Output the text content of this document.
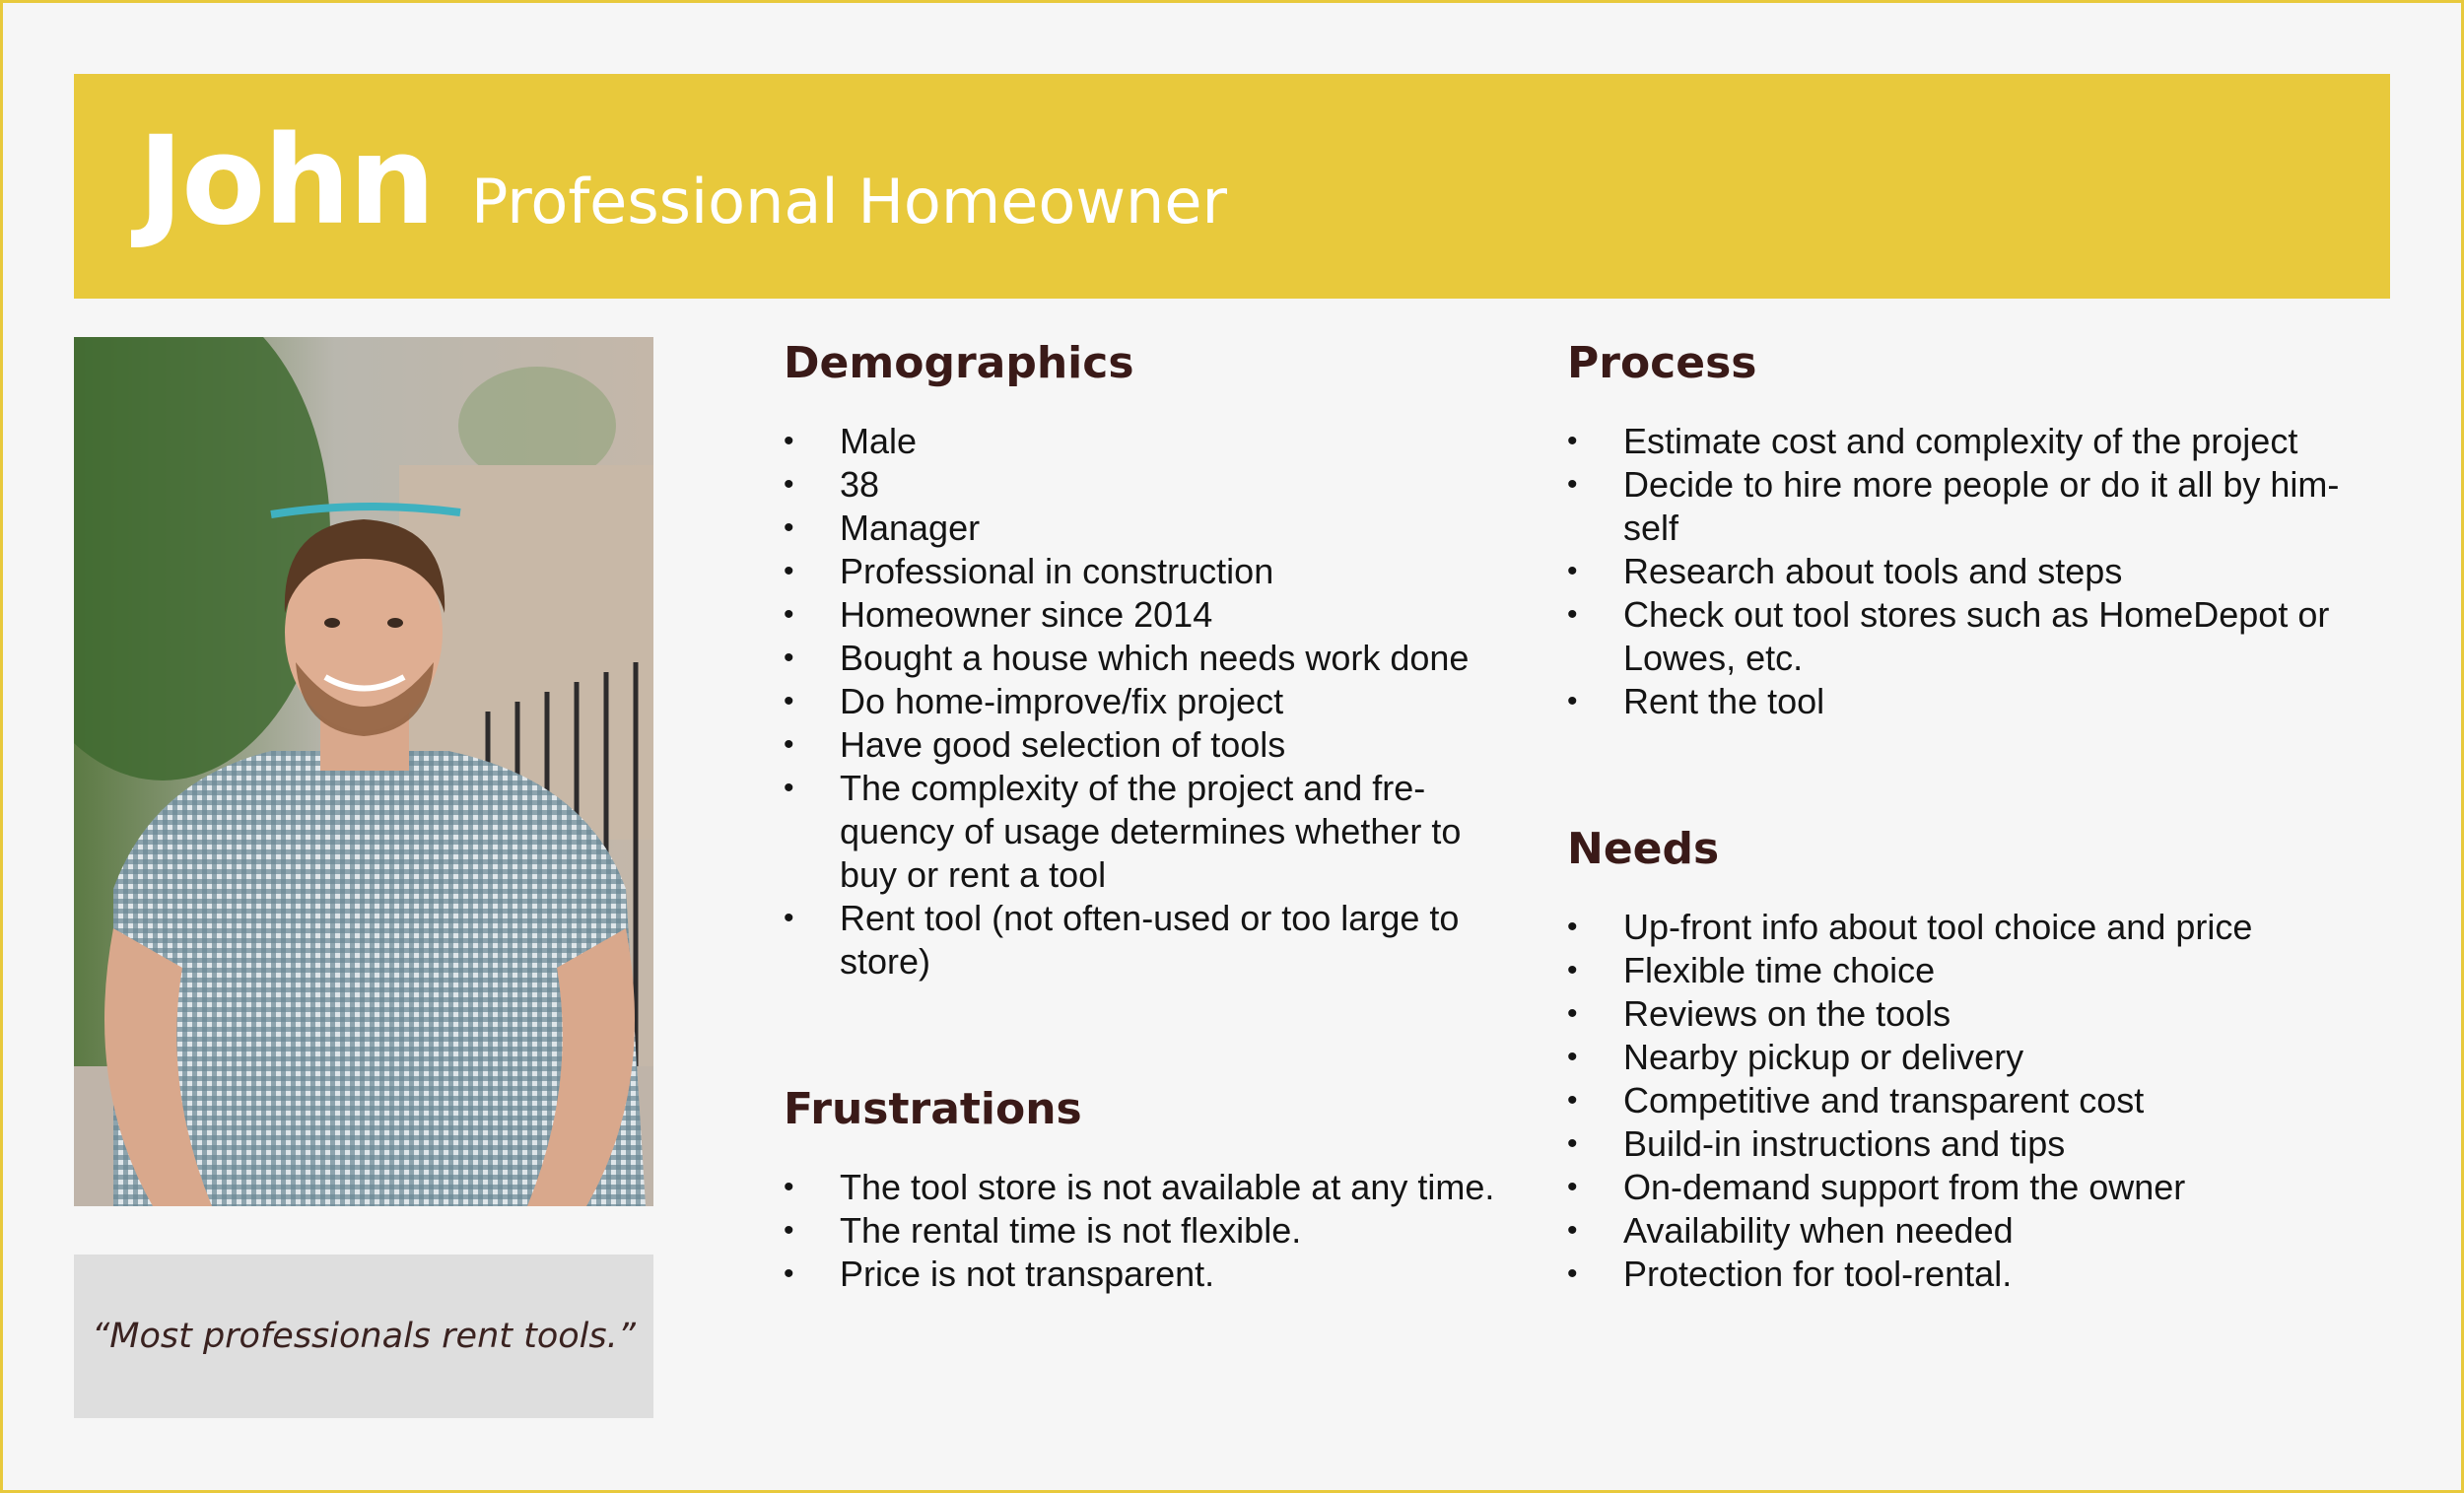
John Professional Homeowner
“Most professionals rent tools.”
Demographics
• Male
• 38
• Manager
• Professional in construction
• Homeowner since 2014
• Bought a house which needs work done
• Do home-improve/fix project
• Have good selection of tools
• The complexity of the project and fre-quency of usage determines whether to buy or rent a tool
• Rent tool (not often-used or too large to store)
Frustrations
• The tool store is not available at any time.
• The rental time is not flexible.
• Price is not transparent.
Process
• Estimate cost and complexity of the project
• Decide to hire more people or do it all by him-self
• Research about tools and steps
• Check out tool stores such as HomeDepot or Lowes, etc.
• Rent the tool
Needs
• Up-front info about tool choice and price
• Flexible time choice
• Reviews on the tools
• Nearby pickup or delivery
• Competitive and transparent cost
• Build-in instructions and tips
• On-demand support from the owner
• Availability when needed
• Protection for tool-rental.
